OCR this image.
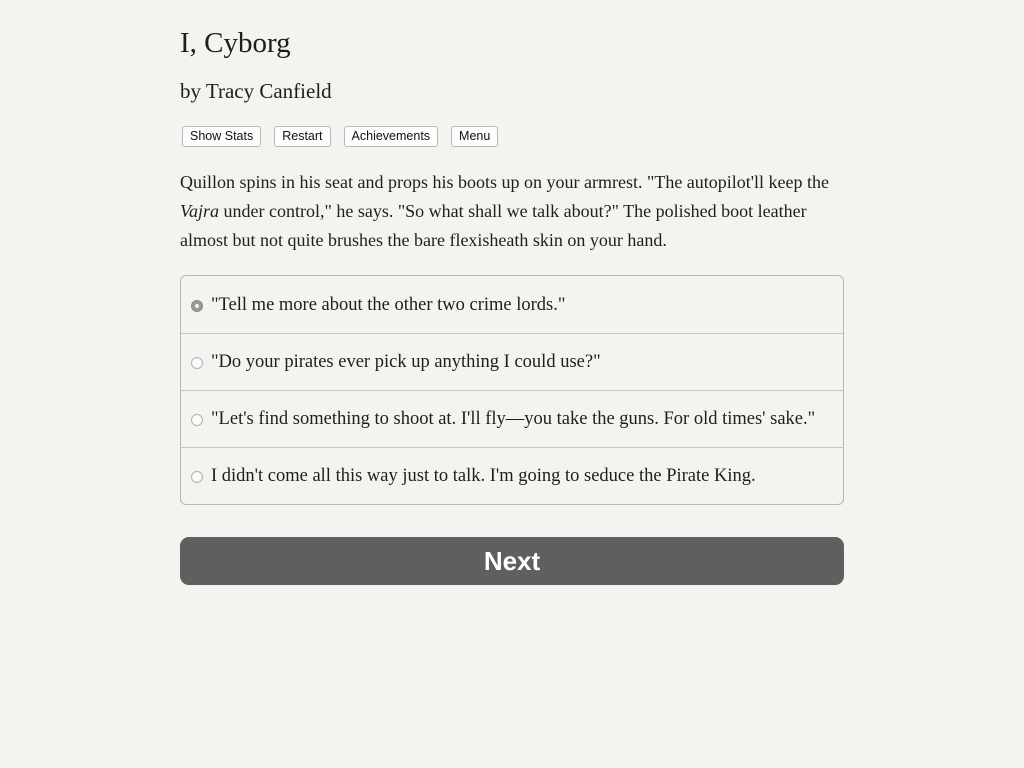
I, Cyborg
by Tracy Canfield
Show Stats	Restart	Achievements	Menu

Quillon spins in his seat and props his boots up on your armrest. "The autopilot'll keep the Vajra under control," he says. "So what shall we talk about?" The polished boot leather almost but not quite brushes the bare flexisheath skin on your hand.

"Tell me more about the other two crime lords."
"Do your pirates ever pick up anything I could use?"
"Let's find something to shoot at. I'll fly—you take the guns. For old times' sake."
I didn't come all this way just to talk. I'm going to seduce the Pirate King.
Next
